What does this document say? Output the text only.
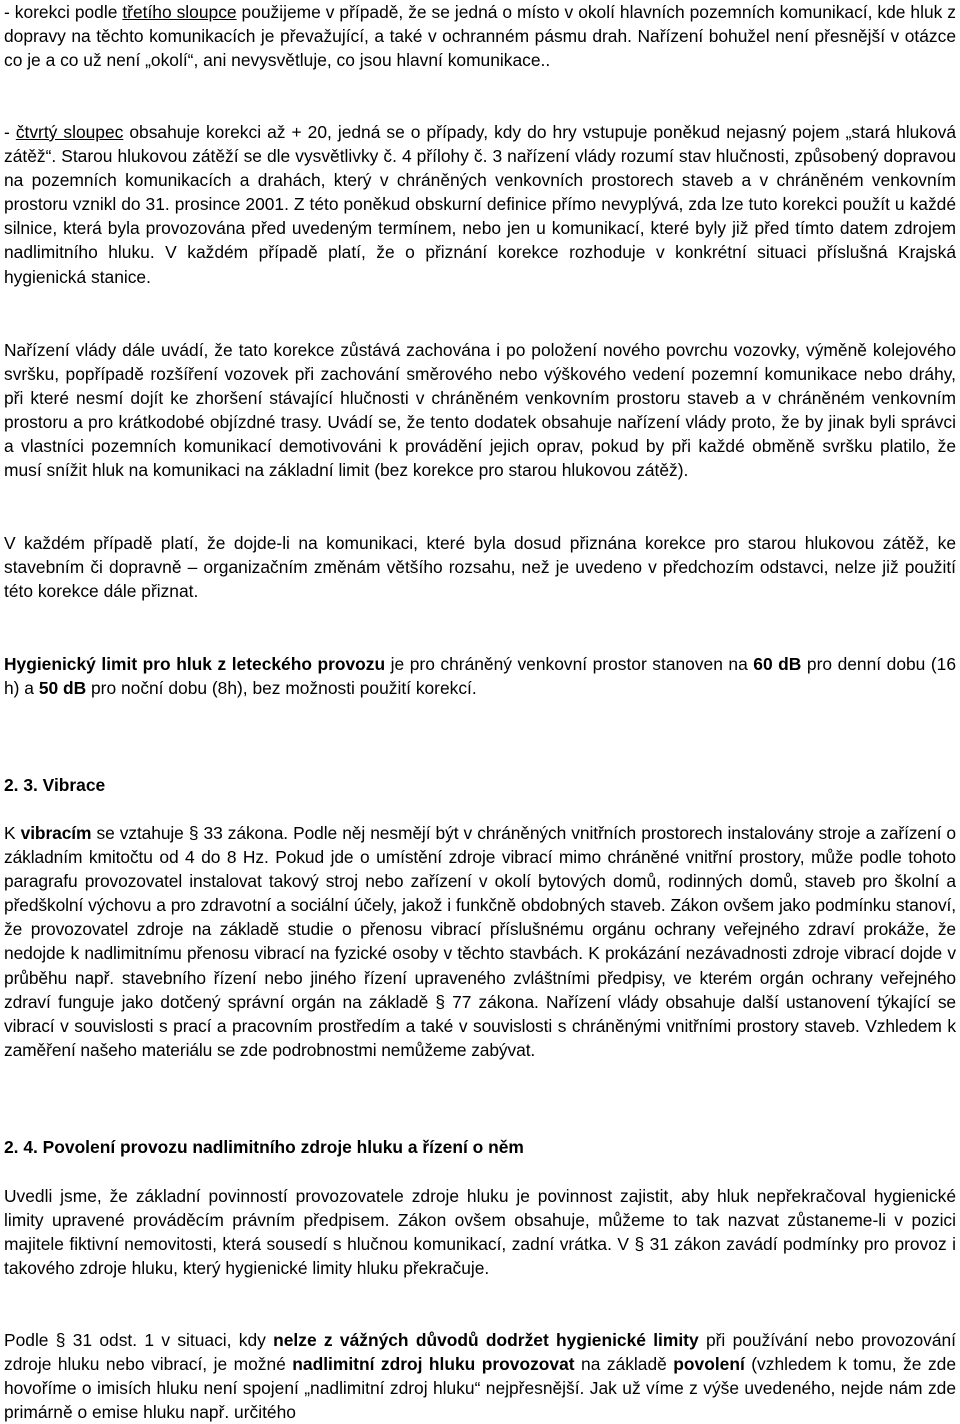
- korekci podle třetího sloupce použijeme v případě, že se jedná o místo v okolí hlavních pozemních komunikací, kde hluk z dopravy na těchto komunikacích je převažující, a také v ochranném pásmu drah. Nařízení bohužel není přesnější v otázce co je a co už není „okolí“, ani nevysvětluje, co jsou hlavní komunikace..

- čtvrtý sloupec obsahuje korekci až + 20, jedná se o případy, kdy do hry vstupuje poněkud nejasný pojem „stará hluková zátěž“. Starou hlukovou zátěží se dle vysvětlivky č. 4 přílohy č. 3 nařízení vlády rozumí stav hlučnosti, způsobený dopravou na pozemních komunikacích a drahách, který v chráněných venkovních prostorech staveb a v chráněném venkovním prostoru vznikl do 31. prosince 2001. Z této poněkud obskurní definice přímo nevyplývá, zda lze tuto korekci použít u každé silnice, která byla provozována před uvedeným termínem, nebo jen u komunikací, které byly již před tímto datem zdrojem nadlimitního hluku. V každém případě platí, že o přiznání korekce rozhoduje v konkrétní situaci příslušná Krajská hygienická stanice.

Nařízení vlády dále uvádí, že tato korekce zůstává zachována i po položení nového povrchu vozovky, výměně kolejového svršku, popřípadě rozšíření vozovek při zachování směrového nebo výškového vedení pozemní komunikace nebo dráhy, při které nesmí dojít ke zhoršení stávající hlučnosti v chráněném venkovním prostoru staveb a v chráněném venkovním prostoru a pro krátkodobé objízdné trasy. Uvádí se, že tento dodatek obsahuje nařízení vlády proto, že by jinak byli správci a vlastníci pozemních komunikací demotivováni k provádění jejich oprav, pokud by při každé obměně svršku platilo, že musí snížit hluk na komunikaci na základní limit (bez korekce pro starou hlukovou zátěž).

V každém případě platí, že dojde-li na komunikaci, které byla dosud přiznána korekce pro starou hlukovou zátěž, ke stavebním či dopravně – organizačním změnám většího rozsahu, než je uvedeno v předchozím odstavci, nelze již použití této korekce dále přiznat.

Hygienický limit pro hluk z leteckého provozu je pro chráněný venkovní prostor stanoven na 60 dB pro denní dobu (16 h) a 50 dB pro noční dobu (8h), bez možnosti použití korekcí.

2. 3. Vibrace

K vibracím se vztahuje § 33 zákona. Podle něj nesmějí být v chráněných vnitřních prostorech instalovány stroje a zařízení o základním kmitočtu od 4 do 8 Hz. Pokud jde o umístění zdroje vibrací mimo chráněné vnitřní prostory, může podle tohoto paragrafu provozovatel instalovat takový stroj nebo zařízení v okolí bytových domů, rodinných domů, staveb pro školní a předškolní výchovu a pro zdravotní a sociální účely, jakož i funkčně obdobných staveb. Zákon ovšem jako podmínku stanoví, že provozovatel zdroje na základě studie o přenosu vibrací příslušnému orgánu ochrany veřejného zdraví prokáže, že nedojde k nadlimitnímu přenosu vibrací na fyzické osoby v těchto stavbách. K prokázání nezávadnosti zdroje vibrací dojde v průběhu např. stavebního řízení nebo jiného řízení upraveného zvláštními předpisy, ve kterém orgán ochrany veřejného zdraví funguje jako dotčený správní orgán na základě § 77 zákona. Nařízení vlády obsahuje další ustanovení týkající se vibrací v souvislosti s prací a pracovním prostředím a také v souvislosti s chráněnými vnitřními prostory staveb. Vzhledem k zaměření našeho materiálu se zde podrobnostmi nemůžeme zabývat.

2. 4. Povolení provozu nadlimitního zdroje hluku a řízení o něm

Uvedli jsme, že základní povinností provozovatele zdroje hluku je povinnost zajistit, aby hluk nepřekračoval hygienické limity upravené prováděcím právním předpisem. Zákon ovšem obsahuje, můžeme to tak nazvat zůstanemе-li v pozici majitele fiktivní nemovitosti, která sousedí s hlučnou komunikací, zadní vrátka. V § 31 zákon zavádí podmínky pro provoz i takového zdroje hluku, který hygienické limity hluku překračuje.

Podle § 31 odst. 1 v situaci, kdy nelze z vážných důvodů dodržet hygienické limity při používání nebo provozování zdroje hluku nebo vibrací, je možné nadlimitní zdroj hluku provozovat na základě povolení (vzhledem k tomu, že zde hovoříme o imisích hluku není spojení „nadlimitní zdroj hluku“ nejpřesnější. Jak už víme z výše uvedeného, nejde nám zde primárně o emise hluku např. určitého
